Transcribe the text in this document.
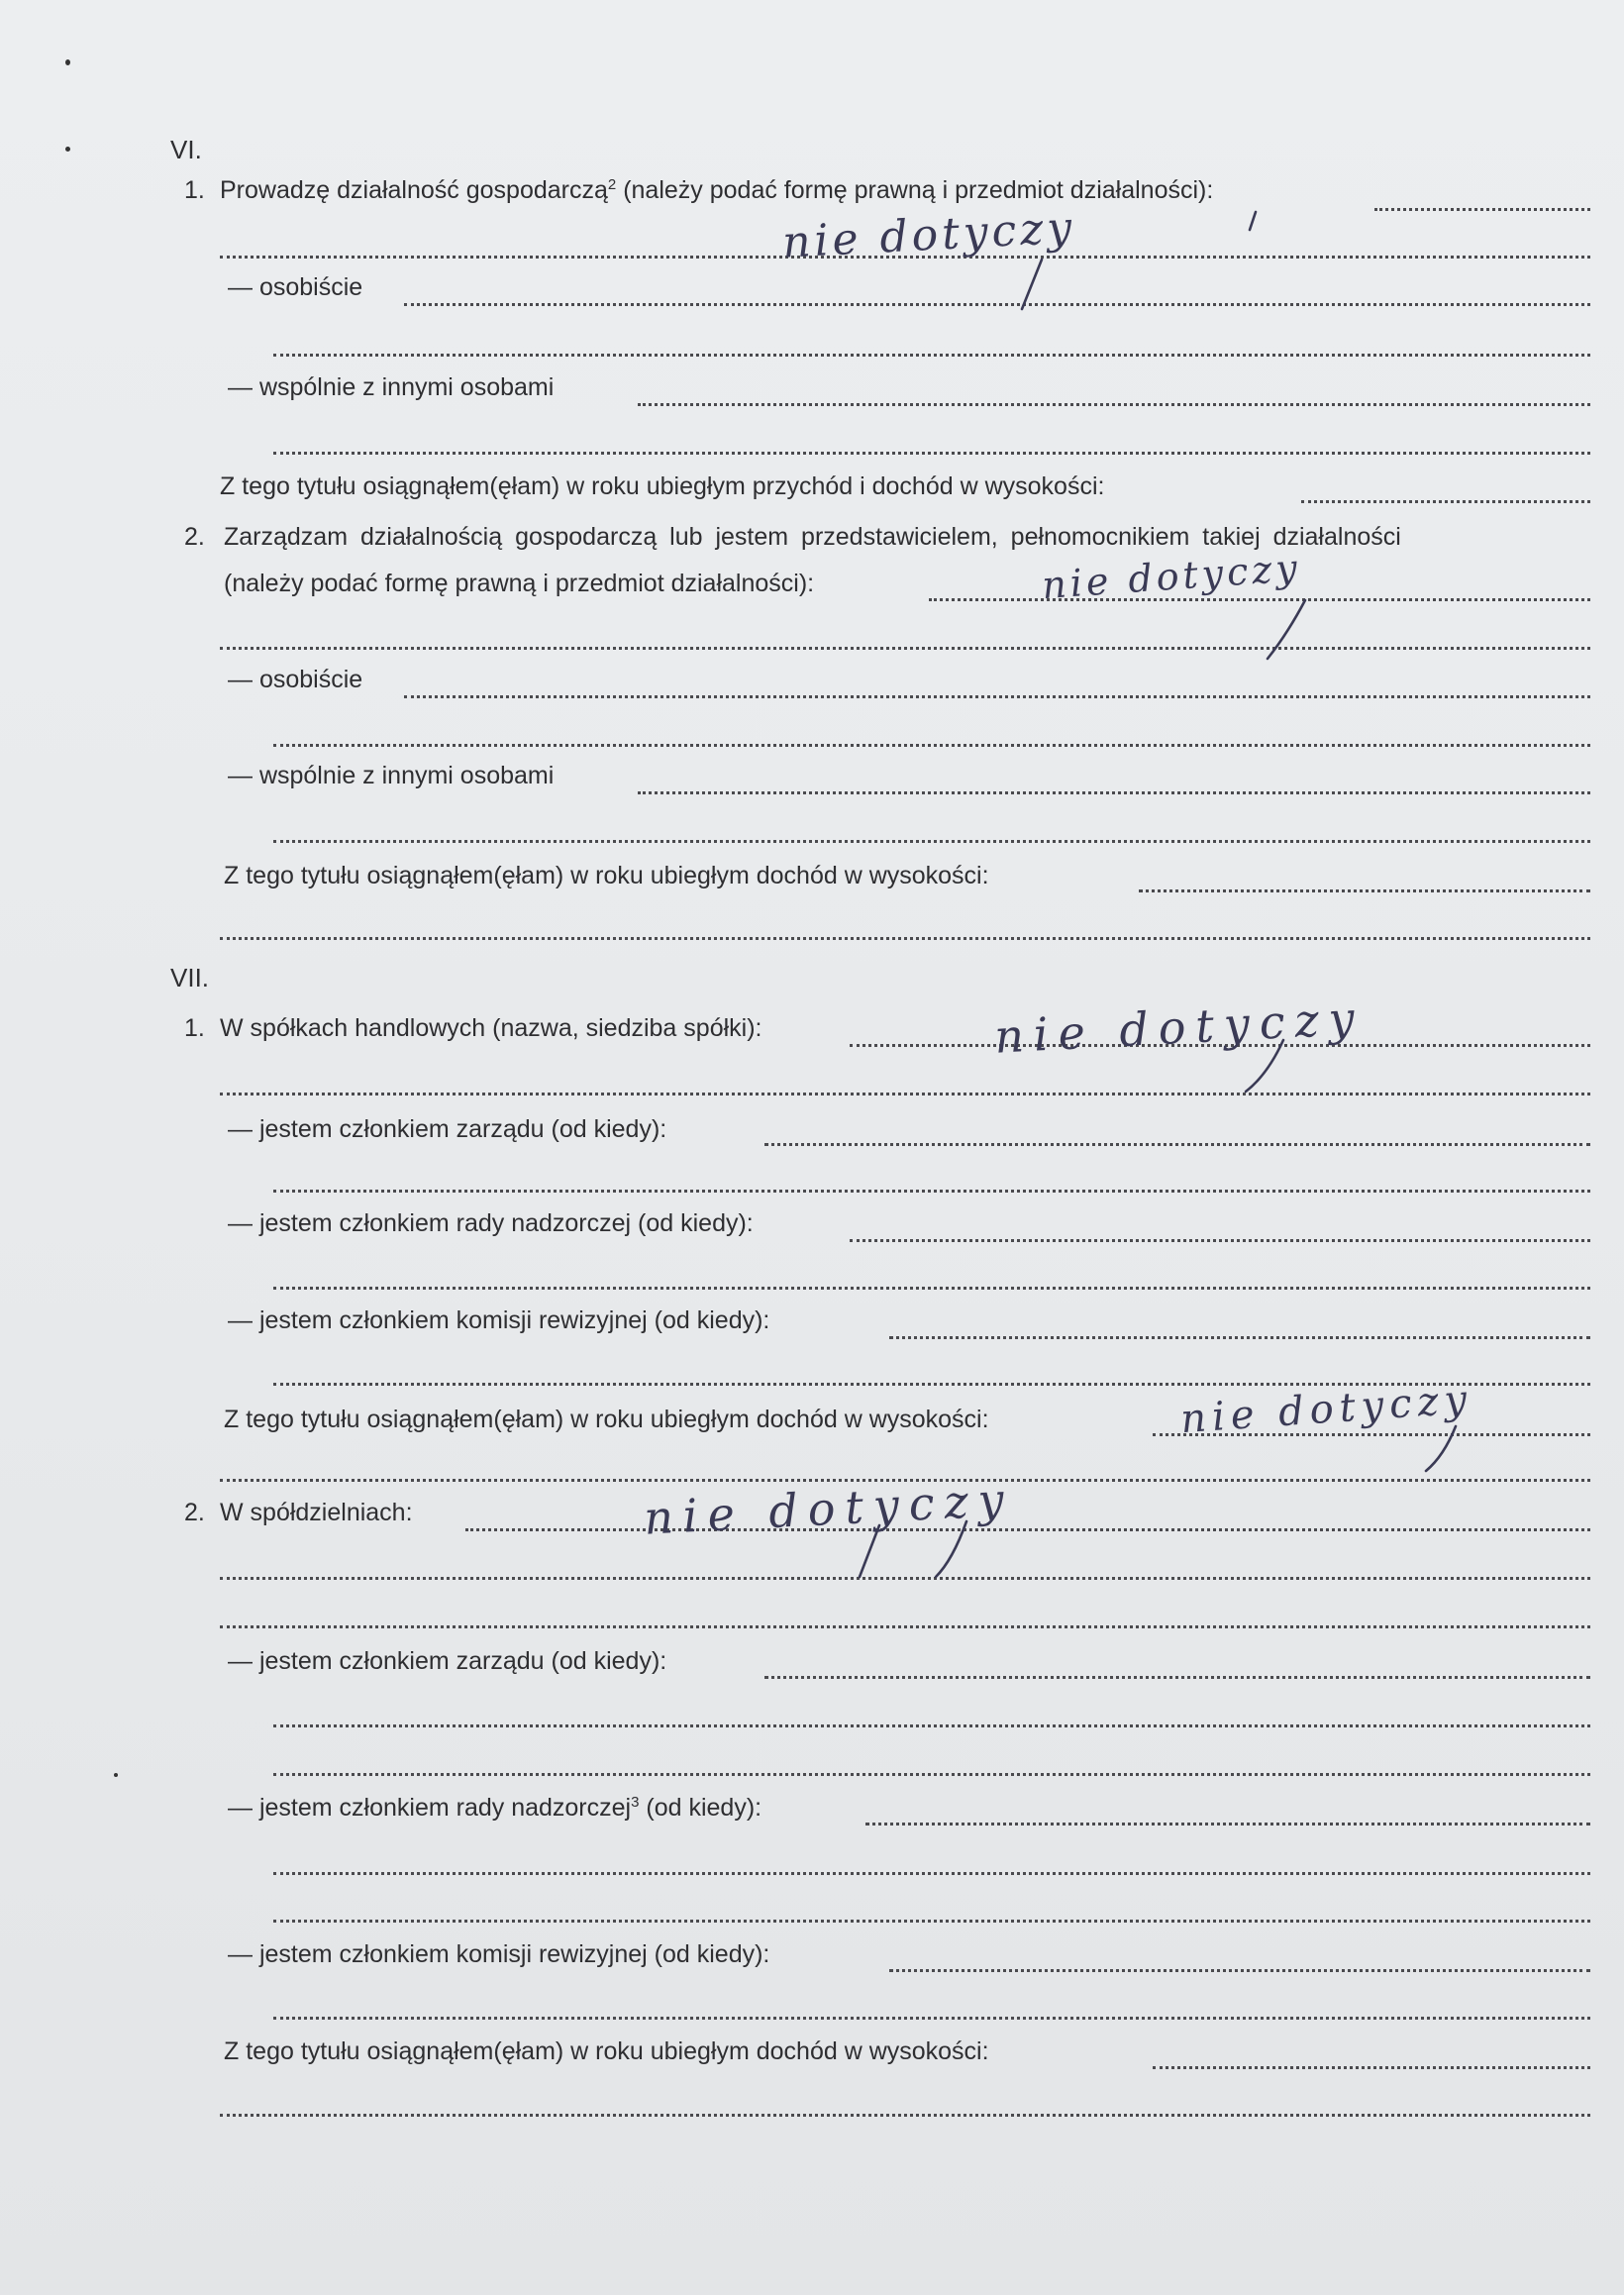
VI.
1. Prowadzę działalność gospodarczą$^2$ (należy podać formę prawną i przedmiot działalności):
— osobiście
— wspólnie z innymi osobami
Z tego tytułu osiągnąłem(ęłam) w roku ubiegłym przychód i dochód w wysokości:
nie dotyczy
2. Zarządzam działalnością gospodarczą lub jestem przedstawicielem, pełnomocnikiem takiej działalności
(należy podać formę prawną i przedmiot działalności):	nie dotyczy
— osobiście
— wspólnie z innymi osobami
Z tego tytułu osiągnąłem(ęłam) w roku ubiegłym dochód w wysokości:
VII.
1. W spółkach handlowych (nazwa, siedziba spółki):	nie dotyczy
— jestem członkiem zarządu (od kiedy):
— jestem członkiem rady nadzorczej (od kiedy):
— jestem członkiem komisji rewizyjnej (od kiedy):
Z tego tytułu osiągnąłem(ęłam) w roku ubiegłym dochód w wysokości:	nie dotyczy
2. W spółdzielniach:	nie dotyczy
— jestem członkiem zarządu (od kiedy):
— jestem członkiem rady nadzorczej$^3$ (od kiedy):
— jestem członkiem komisji rewizyjnej (od kiedy):
Z tego tytułu osiągnąłem(ęłam) w roku ubiegłym dochód w wysokości:
